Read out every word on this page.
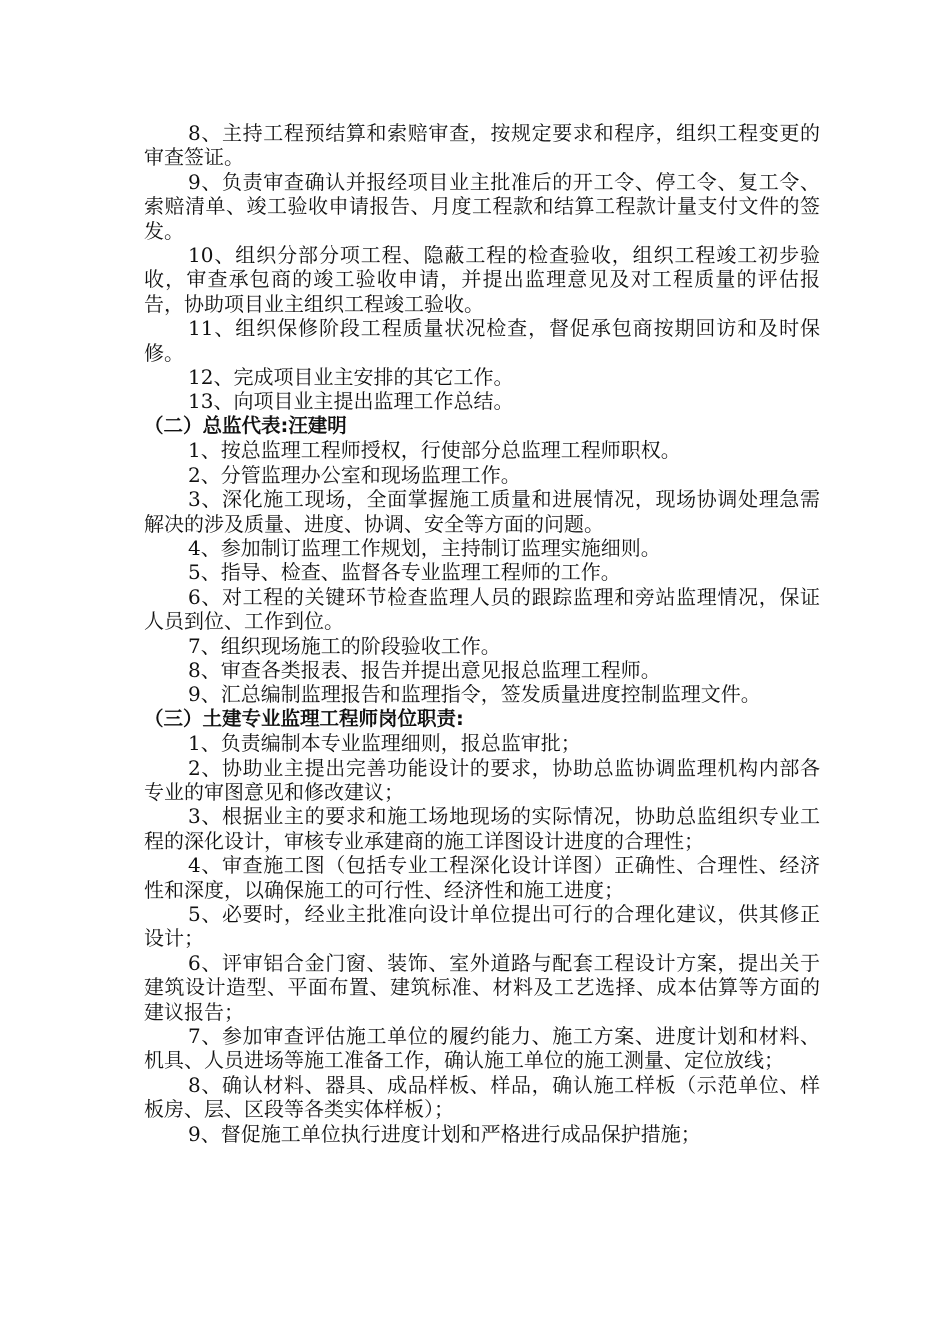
8、主持工程预结算和索赔审查，按规定要求和程序，组织工程变更的审查签证。

9、负责审查确认并报经项目业主批准后的开工令、停工令、复工令、索赔清单、竣工验收申请报告、月度工程款和结算工程款计量支付文件的签发。

10、组织分部分项工程、隐蔽工程的检查验收，组织工程竣工初步验收，审查承包商的竣工验收申请，并提出监理意见及对工程质量的评估报告，协助项目业主组织工程竣工验收。

11、组织保修阶段工程质量状况检查，督促承包商按期回访和及时保修。

12、完成项目业主安排的其它工作。

13、向项目业主提出监理工作总结。

（二）总监代表:汪建明

1、按总监理工程师授权，行使部分总监理工程师职权。

2、分管监理办公室和现场监理工作。

3、深化施工现场，全面掌握施工质量和进展情况，现场协调处理急需解决的涉及质量、进度、协调、安全等方面的问题。

4、参加制订监理工作规划，主持制订监理实施细则。

5、指导、检查、监督各专业监理工程师的工作。

6、对工程的关键环节检查监理人员的跟踪监理和旁站监理情况，保证人员到位、工作到位。

7、组织现场施工的阶段验收工作。

8、审查各类报表、报告并提出意见报总监理工程师。

9、汇总编制监理报告和监理指令，签发质量进度控制监理文件。

（三）土建专业监理工程师岗位职责:

1、负责编制本专业监理细则，报总监审批；

2、协助业主提出完善功能设计的要求，协助总监协调监理机构内部各专业的审图意见和修改建议；

3、根据业主的要求和施工场地现场的实际情况，协助总监组织专业工程的深化设计，审核专业承建商的施工详图设计进度的合理性；

4、审查施工图（包括专业工程深化设计详图）正确性、合理性、经济性和深度，以确保施工的可行性、经济性和施工进度；

5、必要时，经业主批准向设计单位提出可行的合理化建议，供其修正设计；

6、评审铝合金门窗、装饰、室外道路与配套工程设计方案，提出关于建筑设计造型、平面布置、建筑标准、材料及工艺选择、成本估算等方面的建议报告；

7、参加审查评估施工单位的履约能力、施工方案、进度计划和材料、机具、人员进场等施工准备工作，确认施工单位的施工测量、定位放线；

8、确认材料、器具、成品样板、样品，确认施工样板（示范单位、样板房、层、区段等各类实体样板）；

9、督促施工单位执行进度计划和严格进行成品保护措施；
